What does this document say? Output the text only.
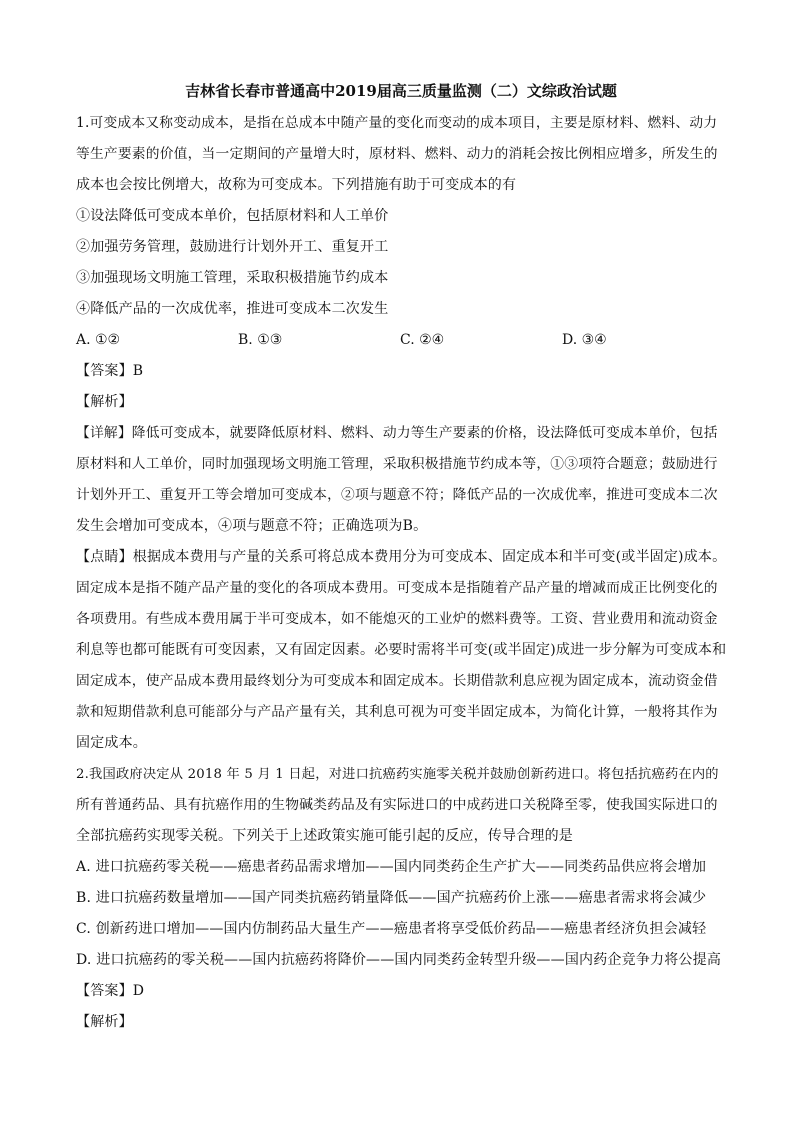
吉林省长春市普通高中2019届高三质量监测（二）文综政治试题

1.可变成本又称变动成本，是指在总成本中随产量的变化而变动的成本项目，主要是原材料、燃料、动力

等生产要素的价值，当一定期间的产量增大时，原材料、燃料、动力的消耗会按比例相应增多，所发生的

成本也会按比例增大，故称为可变成本。下列措施有助于可变成本的有

①设法降低可变成本单价，包括原材料和人工单价

②加强劳务管理，鼓励进行计划外开工、重复开工

③加强现场文明施工管理，采取积极措施节约成本

④降低产品的一次成优率，推进可变成本二次发生

A. ①②	B. ①③	C. ②④	D. ③④

【答案】B

【解析】

【详解】降低可变成本，就要降低原材料、燃料、动力等生产要素的价格，设法降低可变成本单价，包括

原材料和人工单价，同时加强现场文明施工管理，采取积极措施节约成本等，①③项符合题意；鼓励进行

计划外开工、重复开工等会增加可变成本，②项与题意不符；降低产品的一次成优率，推进可变成本二次

发生会增加可变成本，④项与题意不符；正确选项为B。

【点睛】根据成本费用与产量的关系可将总成本费用分为可变成本、固定成本和半可变(或半固定)成本。

固定成本是指不随产品产量的变化的各项成本费用。可变成本是指随着产品产量的增减而成正比例变化的

各项费用。有些成本费用属于半可变成本，如不能熄灭的工业炉的燃料费等。工资、营业费用和流动资金

利息等也都可能既有可变因素，又有固定因素。必要时需将半可变(或半固定)成进一步分解为可变成本和

固定成本，使产品成本费用最终划分为可变成本和固定成本。长期借款利息应视为固定成本，流动资金借

款和短期借款利息可能部分与产品产量有关，其利息可视为可变半固定成本，为简化计算，一般将其作为

固定成本。

2.我国政府决定从 2018 年 5 月 1 日起，对进口抗癌药实施零关税并鼓励创新药进口。将包括抗癌药在内的

所有普通药品、具有抗癌作用的生物碱类药品及有实际进口的中成药进口关税降至零，使我国实际进口的

全部抗癌药实现零关税。下列关于上述政策实施可能引起的反应，传导合理的是

A. 进口抗癌药零关税——癌患者药品需求增加——国内同类药企生产扩大——同类药品供应将会增加

B. 进口抗癌药数量增加——国产同类抗癌药销量降低——国产抗癌药价上涨——癌患者需求将会减少

C. 创新药进口增加——国内仿制药品大量生产——癌患者将享受低价药品——癌患者经济负担会减轻

D. 进口抗癌药的零关税——国内抗癌药将降价——国内同类药金转型升级——国内药企竞争力将公提高

【答案】D

【解析】
